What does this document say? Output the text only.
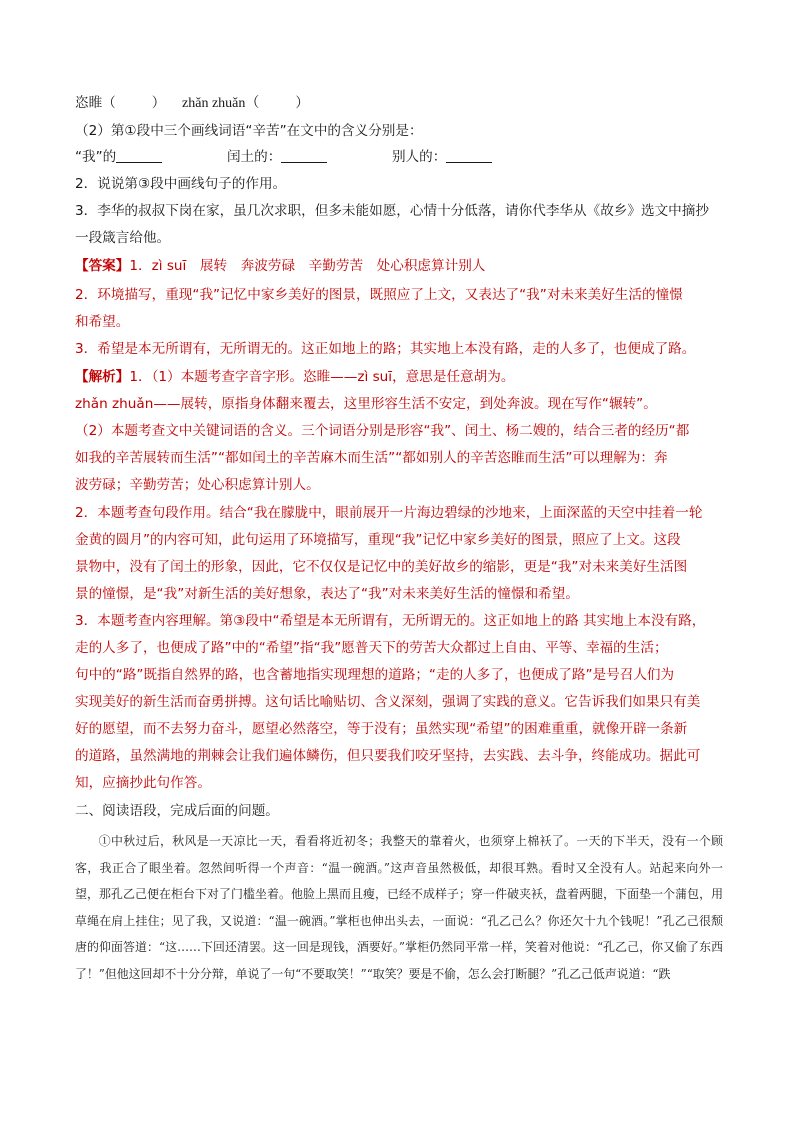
恣睢（	） zhǎn zhuǎn（	）
（2）第①段中三个画线词语“辛苦”在文中的含义分别是：
“我”的	闰土的：	别人的：
2．说说第③段中画线句子的作用。
3．李华的叔叔下岗在家，虽几次求职，但多未能如愿，心情十分低落，请你代李华从《故乡》选文中摘抄
一段箴言给他。
【答案】1．zì suī　展转　奔波劳碌　辛勤劳苦　处心积虑算计别人
2．环境描写，重现“我”记忆中家乡美好的图景，既照应了上文，又表达了“我”对未来美好生活的憧憬
和希望。
3．希望是本无所谓有，无所谓无的。这正如地上的路；其实地上本没有路，走的人多了，也便成了路。
【解析】1．（1）本题考查字音字形。恣睢——zì suī，意思是任意胡为。
zhǎn zhuǎn——展转，原指身体翻来覆去，这里形容生活不安定，到处奔波。现在写作“辗转”。
（2）本题考查文中关键词语的含义。三个词语分别是形容“我”、闰土、杨二嫂的，结合三者的经历“都
如我的辛苦展转而生活”“都如闰土的辛苦麻木而生活”“都如别人的辛苦恣睢而生活”可以理解为：奔
波劳碌；辛勤劳苦；处心积虑算计别人。
2．本题考查句段作用。结合“我在朦胧中，眼前展开一片海边碧绿的沙地来，上面深蓝的天空中挂着一轮
金黄的圆月”的内容可知，此句运用了环境描写，重现“我”记忆中家乡美好的图景，照应了上文。这段
景物中，没有了闰土的形象，因此，它不仅仅是记忆中的美好故乡的缩影，更是“我”对未来美好生活图
景的憧憬，是“我”对新生活的美好想象，表达了“我”对未来美好生活的憧憬和希望。
3．本题考查内容理解。第③段中“希望是本无所谓有，无所谓无的。这正如地上的路 其实地上本没有路，
走的人多了，也便成了路”中的“希望”指“我”愿普天下的劳苦大众都过上自由、平等、幸福的生活；
句中的“路”既指自然界的路，也含蓄地指实现理想的道路；“走的人多了，也便成了路”是号召人们为
实现美好的新生活而奋勇拼搏。这句话比喻贴切、含义深刻，强调了实践的意义。它告诉我们如果只有美
好的愿望，而不去努力奋斗，愿望必然落空，等于没有；虽然实现“希望”的困难重重，就像开辟一条新
的道路，虽然满地的荆棘会让我们遍体鳞伤，但只要我们咬牙坚持，去实践、去斗争，终能成功。据此可
知，应摘抄此句作答。
二、阅读语段，完成后面的问题。

①中秋过后，秋风是一天凉比一天，看看将近初冬；我整天的靠着火，也须穿上棉袄了。一天的下半天，没有一个顾客，我正合了眼坐着。忽然间听得一个声音：“温一碗酒。”这声音虽然极低，却很耳熟。看时又全没有人。站起来向外一望，那孔乙己便在柜台下对了门槛坐着。他脸上黑而且瘦，已经不成样子；穿一件破夹袄，盘着两腿，下面垫一个蒲包，用草绳在肩上挂住；见了我，又说道：“温一碗酒。”掌柜也伸出头去，一面说：“孔乙己么？你还欠十九个钱呢！”孔乙己很颓唐的仰面答道：“这……下回还清罢。这一回是现钱，酒要好。”掌柜仍然同平常一样，笑着对他说：“孔乙己，你又偷了东西了！”但他这回却不十分分辩，单说了一句“不要取笑！”“取笑？要是不偷，怎么会打断腿？”孔乙己低声说道：“跌
